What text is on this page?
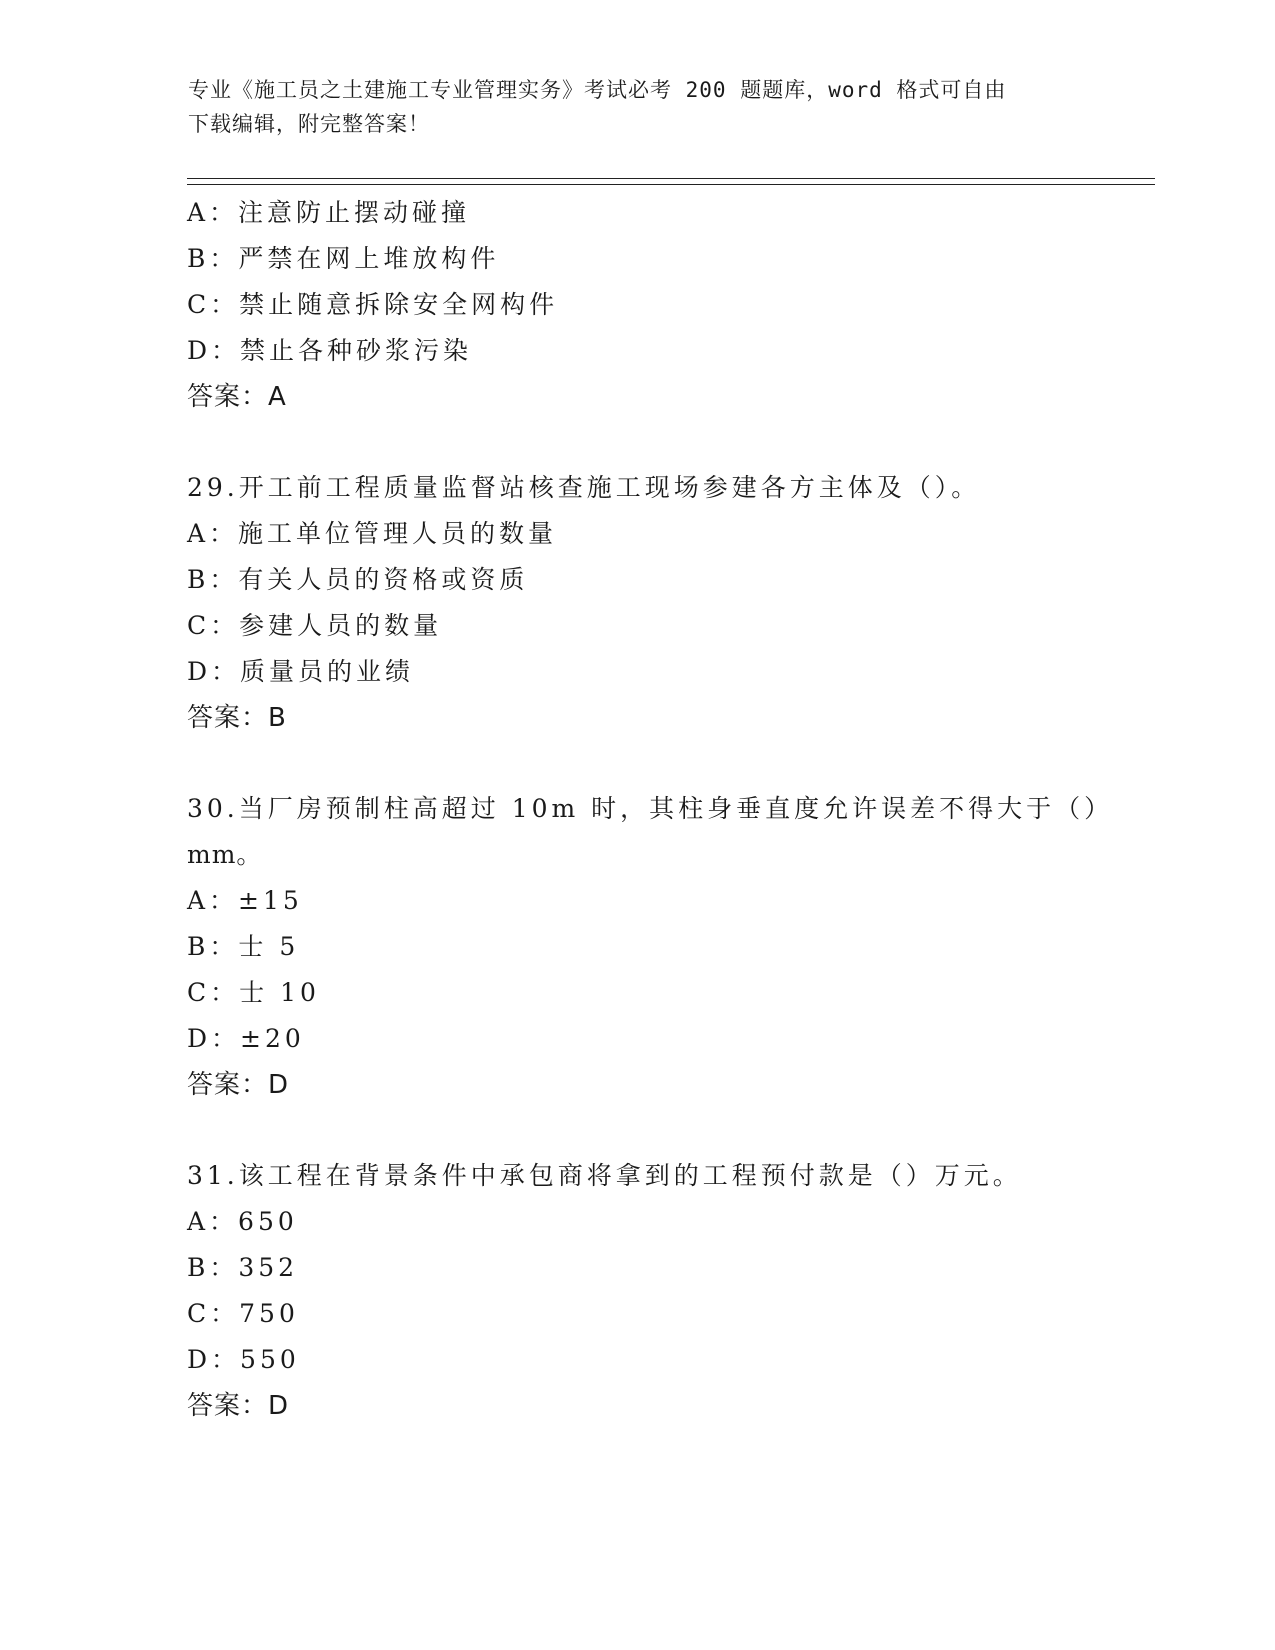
专业《施工员之土建施工专业管理实务》考试必考 200 题题库，word 格式可自由
下载编辑，附完整答案！
A：注意防止摆动碰撞
B：严禁在网上堆放构件
C：禁止随意拆除安全网构件
D：禁止各种砂浆污染
答案：A
29.开工前工程质量监督站核查施工现场参建各方主体及（）。
A：施工单位管理人员的数量
B：有关人员的资格或资质
C：参建人员的数量
D：质量员的业绩
答案：B
30.当厂房预制柱高超过 10m 时，其柱身垂直度允许误差不得大于（）
mm。
A：±15
B：士 5
C：士 10
D：±20
答案：D
31.该工程在背景条件中承包商将拿到的工程预付款是（）万元。
A：650
B：352
C：750
D：550
答案：D
